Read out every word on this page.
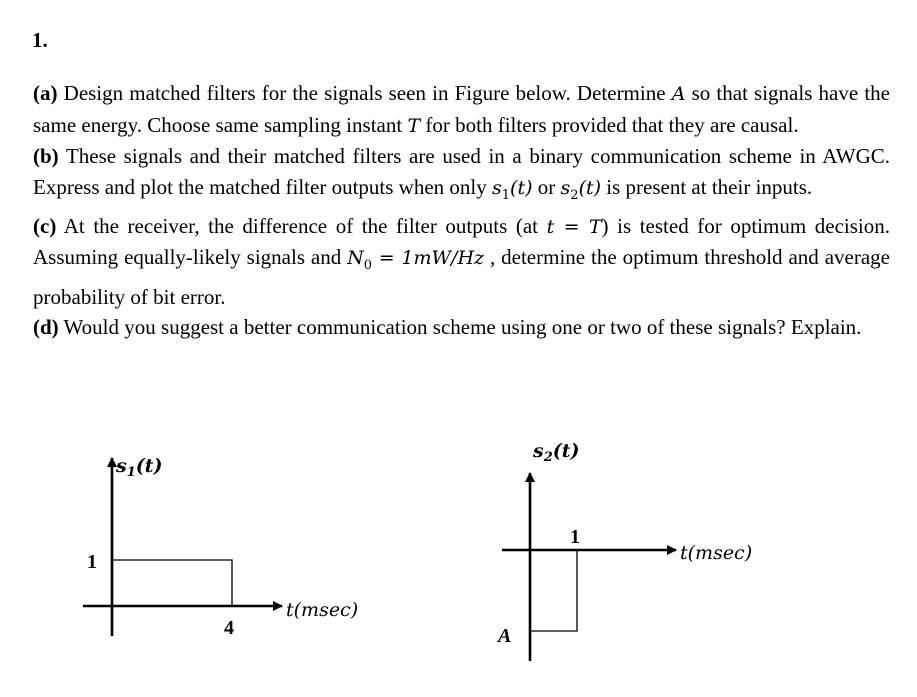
1.

(a) Design matched filters for the signals seen in Figure below. Determine A so that signals have the same energy. Choose same sampling instant T for both filters provided that they are causal.

(b) These signals and their matched filters are used in a binary communication scheme in AWGC. Express and plot the matched filter outputs when only $s_1(t)$ or $s_2(t)$ is present at their inputs.

(c) At the receiver, the difference of the filter outputs (at t = T) is tested for optimum decision. Assuming equally-likely signals and $N_0 = 1mW/Hz$ , determine the optimum threshold and average probability of bit error.

(d) Would you suggest a better communication scheme using one or two of these signals? Explain.

$s_1(t)$
1
4
t(msec)
$s_2(t)$
1
A
t(msec)
